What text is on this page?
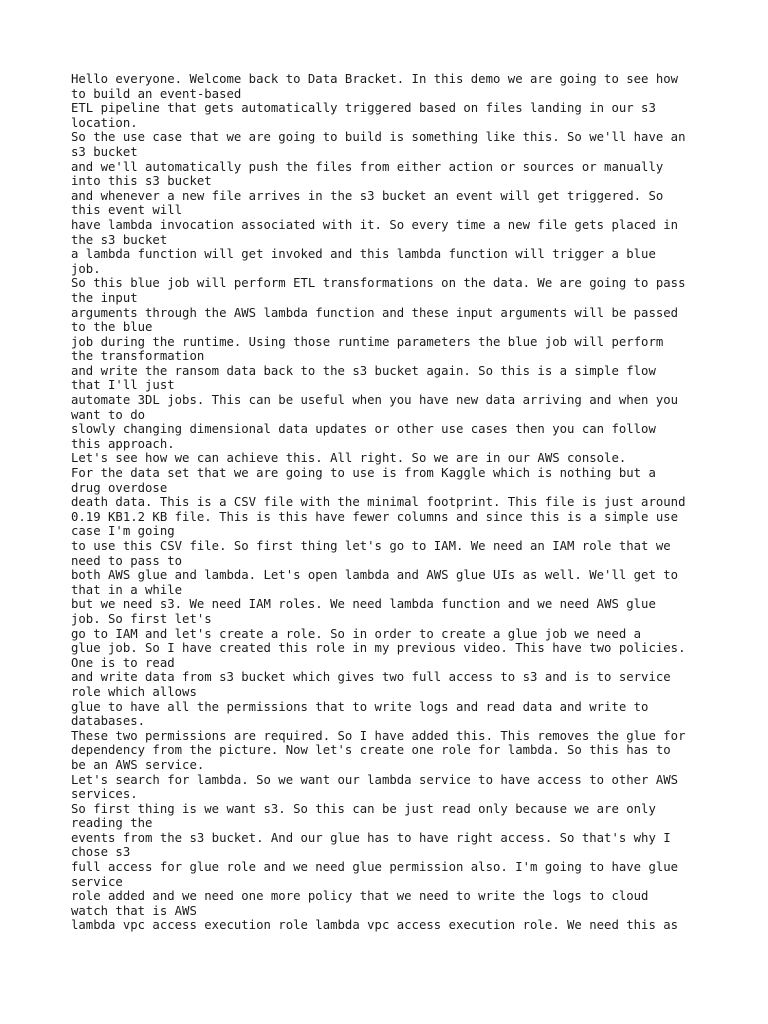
Hello everyone. Welcome back to Data Bracket. In this demo we are going to see how
to build an event-based
ETL pipeline that gets automatically triggered based on files landing in our s3
location.
So the use case that we are going to build is something like this. So we'll have an
s3 bucket
and we'll automatically push the files from either action or sources or manually
into this s3 bucket
and whenever a new file arrives in the s3 bucket an event will get triggered. So
this event will
have lambda invocation associated with it. So every time a new file gets placed in
the s3 bucket
a lambda function will get invoked and this lambda function will trigger a blue
job.
So this blue job will perform ETL transformations on the data. We are going to pass
the input
arguments through the AWS lambda function and these input arguments will be passed
to the blue
job during the runtime. Using those runtime parameters the blue job will perform
the transformation
and write the ransom data back to the s3 bucket again. So this is a simple flow
that I'll just
automate 3DL jobs. This can be useful when you have new data arriving and when you
want to do
slowly changing dimensional data updates or other use cases then you can follow
this approach.
Let's see how we can achieve this. All right. So we are in our AWS console.
For the data set that we are going to use is from Kaggle which is nothing but a
drug overdose
death data. This is a CSV file with the minimal footprint. This file is just around
0.19 KB1.2 KB file. This is this have fewer columns and since this is a simple use
case I'm going
to use this CSV file. So first thing let's go to IAM. We need an IAM role that we
need to pass to
both AWS glue and lambda. Let's open lambda and AWS glue UIs as well. We'll get to
that in a while
but we need s3. We need IAM roles. We need lambda function and we need AWS glue
job. So first let's
go to IAM and let's create a role. So in order to create a glue job we need a
glue job. So I have created this role in my previous video. This have two policies.
One is to read
and write data from s3 bucket which gives two full access to s3 and is to service
role which allows
glue to have all the permissions that to write logs and read data and write to
databases.
These two permissions are required. So I have added this. This removes the glue for
dependency from the picture. Now let's create one role for lambda. So this has to
be an AWS service.
Let's search for lambda. So we want our lambda service to have access to other AWS
services.
So first thing is we want s3. So this can be just read only because we are only
reading the
events from the s3 bucket. And our glue has to have right access. So that's why I
chose s3
full access for glue role and we need glue permission also. I'm going to have glue
service
role added and we need one more policy that we need to write the logs to cloud
watch that is AWS
lambda vpc access execution role lambda vpc access execution role. We need this as
